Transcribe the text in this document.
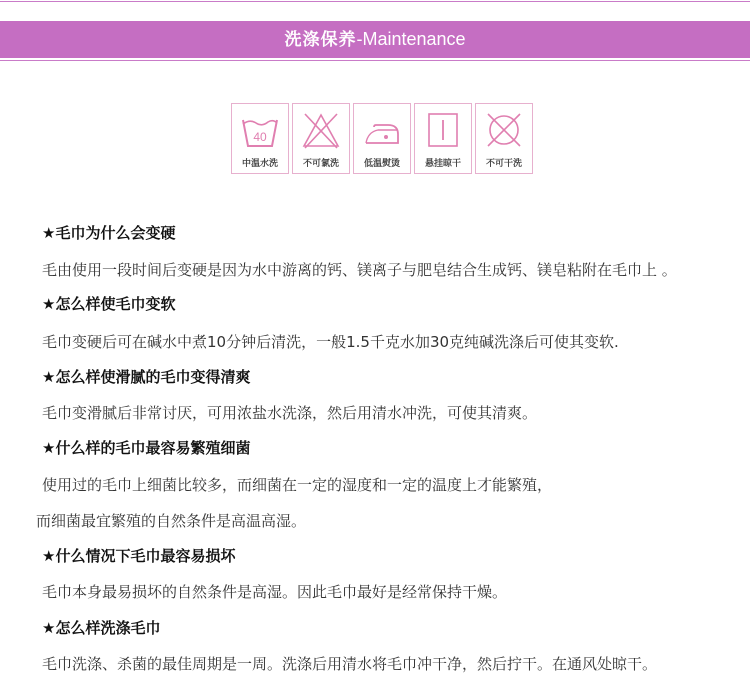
洗涤保养-Maintenance
40
中温水洗	不可氯洗	低温熨烫	悬挂晾干	不可干洗
★毛巾为什么会变硬
毛由使用一段时间后变硬是因为水中游离的钙、镁离子与肥皂结合生成钙、镁皂粘附在毛巾上 。
★怎么样使毛巾变软
毛巾变硬后可在碱水中煮10分钟后清洗，一般1.5千克水加30克纯碱洗涤后可使其变软.
★怎么样使滑腻的毛巾变得清爽
毛巾变滑腻后非常讨厌，可用浓盐水洗涤，然后用清水冲洗，可使其清爽。
★什么样的毛巾最容易繁殖细菌
使用过的毛巾上细菌比较多，而细菌在一定的湿度和一定的温度上才能繁殖，
而细菌最宜繁殖的自然条件是高温高湿。
★什么情况下毛巾最容易损坏
毛巾本身最易损坏的自然条件是高湿。因此毛巾最好是经常保持干燥。
★怎么样洗涤毛巾
毛巾洗涤、杀菌的最佳周期是一周。洗涤后用清水将毛巾冲干净，然后拧干。在通风处晾干。
